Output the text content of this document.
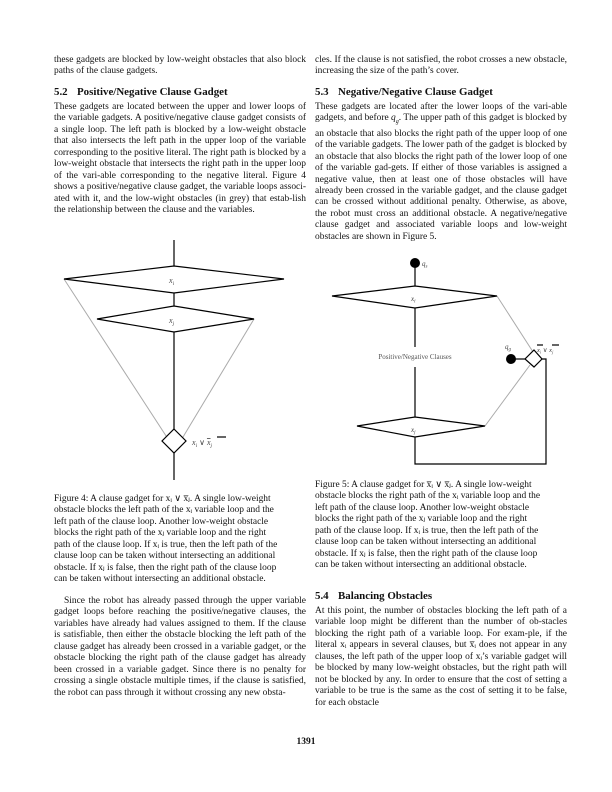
these gadgets are blocked by low-weight obstacles that also block paths of the clause gadgets.

5.2 Positive/Negative Clause Gadget

These gadgets are located between the upper and lower loops of the variable gadgets. A positive/negative clause gadget consists of a single loop. The left path is blocked by a low-weight obstacle that also intersects the left path in the upper loop of the variable corresponding to the positive literal. The right path is blocked by a low-weight obstacle that intersects the right path in the upper loop of the vari-able corresponding to the negative literal. Figure 4 shows a positive/negative clause gadget, the variable loops associ-ated with it, and the low-wight obstacles (in grey) that estab-lish the relationship between the clause and the variables.

$x_i$
$x_j$
$x_i$ ∨ $x_j$

Figure 4: A clause gadget for xᵢ ∨ x̅ⱼ. A single low-weight

obstacle blocks the left path of the xᵢ variable loop and the

left path of the clause loop. Another low-weight obstacle

blocks the right path of the xⱼ variable loop and the right

path of the clause loop. If xᵢ is true, then the left path of the

clause loop can be taken without intersecting an additional

obstacle. If xⱼ is false, then the right path of the clause loop

can be taken without intersecting an additional obstacle.

Since the robot has already passed through the upper variable gadget loops before reaching the positive/negative clauses, the variables have already had values assigned to them. If the clause is satisfiable, then either the obstacle blocking the left path of the clause gadget has already been crossed in a variable gadget, or the obstacle blocking the right path of the clause gadget has already been crossed in a variable gadget. Since there is no penalty for crossing a single obstacle multiple times, if the clause is satisfied, the robot can pass through it without crossing any new obsta-

cles. If the clause is not satisfied, the robot crosses a new obstacle, increasing the size of the path’s cover.

5.3 Negative/Negative Clause Gadget

These gadgets are located after the lower loops of the vari-able gadgets, and before $q_g$. The upper path of this gadget is blocked by an obstacle that also blocks the right path of the upper loop of one of the variable gadgets. The lower path of the gadget is blocked by an obstacle that also blocks the right path of the lower loop of one of the variable gad-gets. If either of those variables is assigned a negative value, then at least one of those obstacles will have already been crossed in the variable gadget, and the clause gadget can be crossed without additional penalty. Otherwise, as above, the robot must cross an additional obstacle. A negative/negative clause gadget and associated variable loops and low-weight obstacles are shown in Figure 5.

$q_s$
$x_i$
Positive/Negative Clauses
$x_j$
$q_g$	$x_i$ ∨ $x_j$

Figure 5: A clause gadget for x̅ᵢ ∨ x̅ⱼ. A single low-weight

obstacle blocks the right path of the xᵢ variable loop and the

left path of the clause loop. Another low-weight obstacle

blocks the right path of the xⱼ variable loop and the right

path of the clause loop. If xᵢ is true, then the left path of the

clause loop can be taken without intersecting an additional

obstacle. If xⱼ is false, then the right path of the clause loop

can be taken without intersecting an additional obstacle.

5.4 Balancing Obstacles

At this point, the number of obstacles blocking the left path of a variable loop might be different than the number of ob-stacles blocking the right path of a variable loop. For exam-ple, if the literal xᵢ appears in several clauses, but x̅ᵢ does not appear in any clauses, the left path of the upper loop of xᵢ’s variable gadget will be blocked by many low-weight obstacles, but the right path will not be blocked by any. In order to ensure that the cost of setting a variable to be true is the same as the cost of setting it to be false, for each obstacle

1391
